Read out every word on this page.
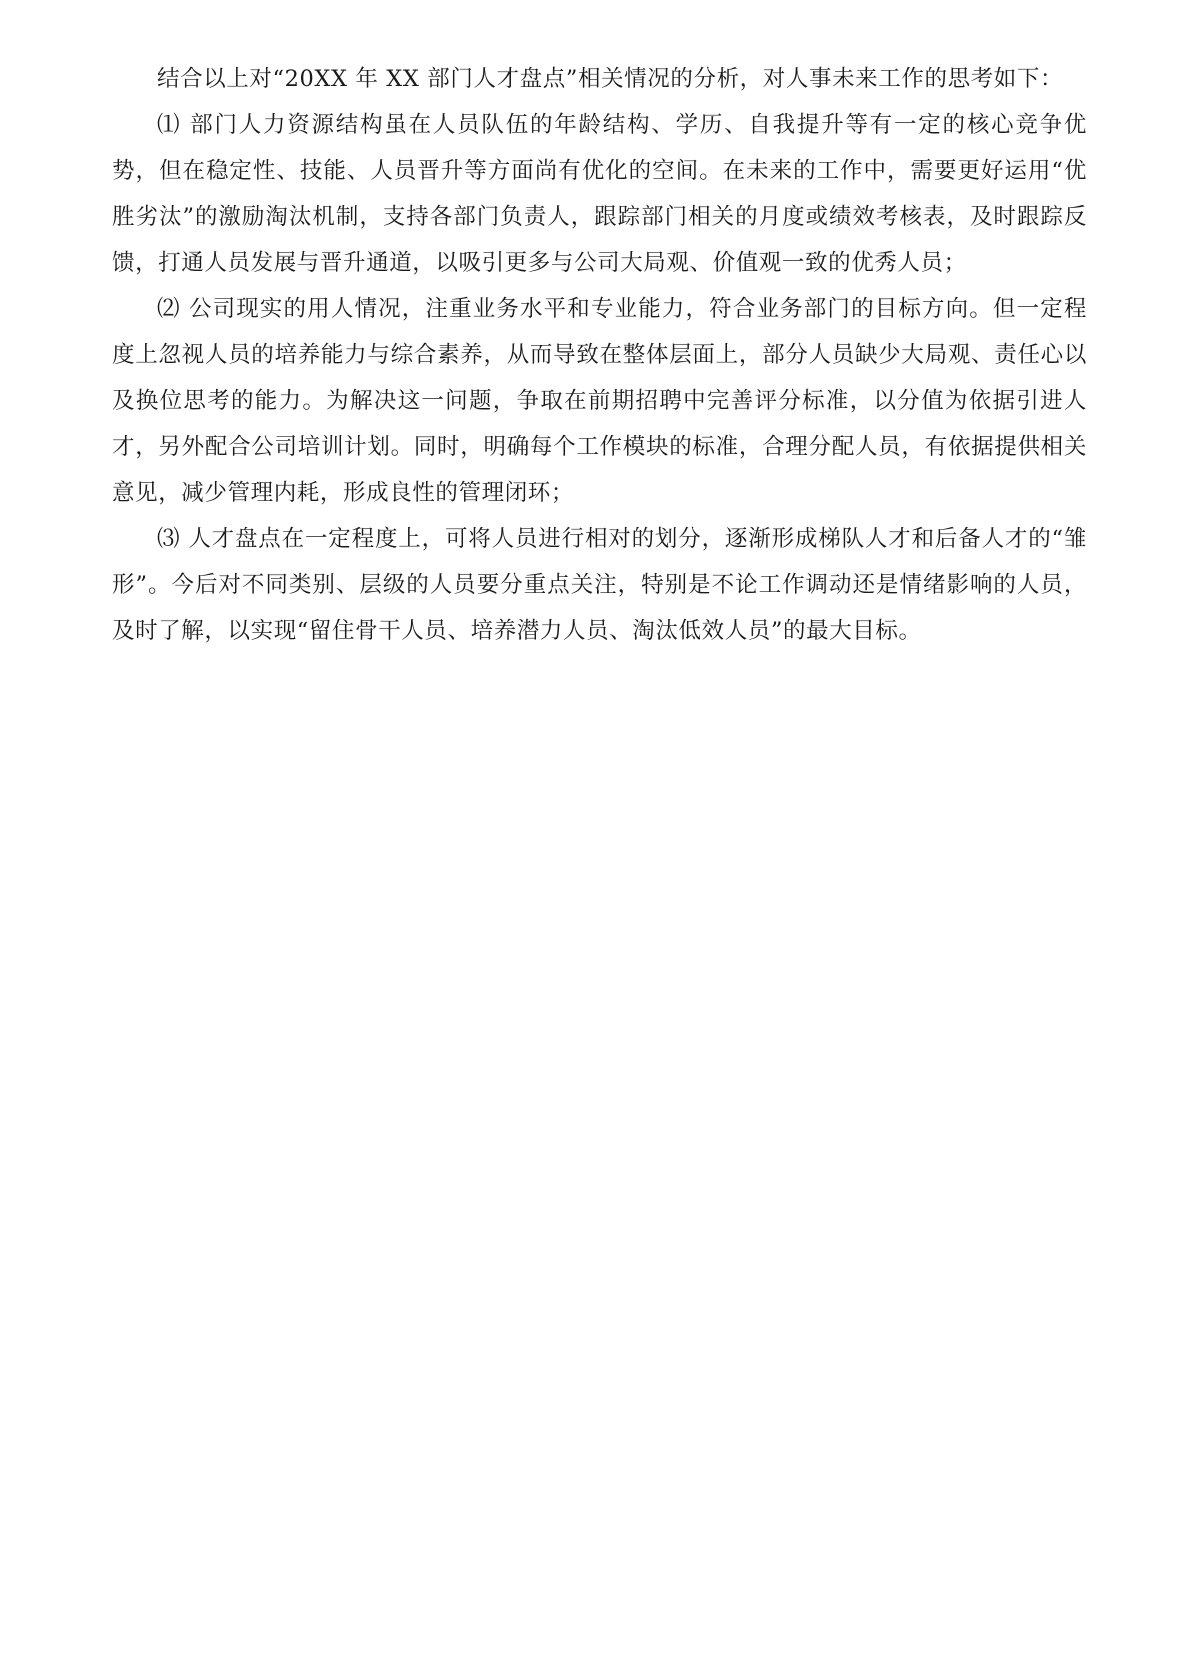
结合以上对“20XX 年 XX 部门人才盘点”相关情况的分析，对人事未来工作的思考如下：

⑴ 部门人力资源结构虽在人员队伍的年龄结构、学历、自我提升等有一定的核心竞争优势，但在稳定性、技能、人员晋升等方面尚有优化的空间。在未来的工作中，需要更好运用“优胜劣汰”的激励淘汰机制，支持各部门负责人，跟踪部门相关的月度或绩效考核表，及时跟踪反馈，打通人员发展与晋升通道，以吸引更多与公司大局观、价值观一致的优秀人员；

⑵ 公司现实的用人情况，注重业务水平和专业能力，符合业务部门的目标方向。但一定程度上忽视人员的培养能力与综合素养，从而导致在整体层面上，部分人员缺少大局观、责任心以及换位思考的能力。为解决这一问题，争取在前期招聘中完善评分标准，以分值为依据引进人才，另外配合公司培训计划。同时，明确每个工作模块的标准，合理分配人员，有依据提供相关意见，减少管理内耗，形成良性的管理闭环；

⑶ 人才盘点在一定程度上，可将人员进行相对的划分，逐渐形成梯队人才和后备人才的“雏形”。今后对不同类别、层级的人员要分重点关注，特别是不论工作调动还是情绪影响的人员，及时了解，以实现“留住骨干人员、培养潜力人员、淘汰低效人员”的最大目标。
